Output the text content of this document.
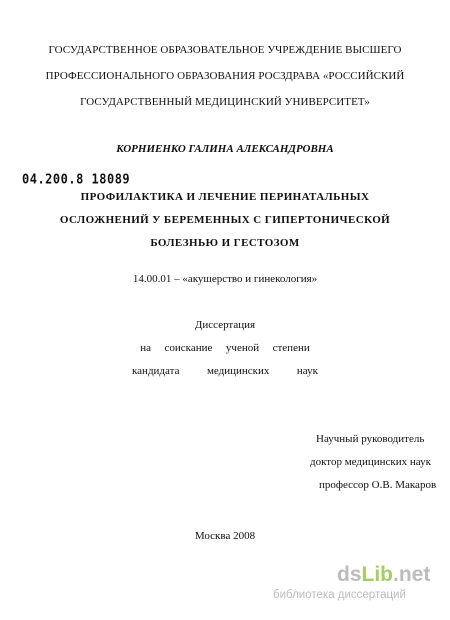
ГОСУДАРСТВЕННОЕ ОБРАЗОВАТЕЛЬНОЕ УЧРЕЖДЕНИЕ ВЫСШЕГО
ПРОФЕССИОНАЛЬНОГО ОБРАЗОВАНИЯ РОСЗДРАВА «РОССИЙСКИЙ
ГОСУДАРСТВЕННЫЙ МЕДИЦИНСКИЙ УНИВЕРСИТЕТ»
КОРНИЕНКО ГАЛИНА АЛЕКСАНДРОВНА
04.200.8 18089
ПРОФИЛАКТИКА И ЛЕЧЕНИЕ ПЕРИНАТАЛЬНЫХ
ОСЛОЖНЕНИЙ У БЕРЕМЕННЫХ С ГИПЕРТОНИЧЕСКОЙ
БОЛЕЗНЬЮ И ГЕСТОЗОМ
14.00.01 – «акушерство и гинекология»
Диссертация
на соискание ученой степени
кандидата	медицинских	наук
Научный руководитель
доктор медицинских наук
профессор О.В. Макаров
Москва 2008
dsLib.net
библиотека диссертаций
